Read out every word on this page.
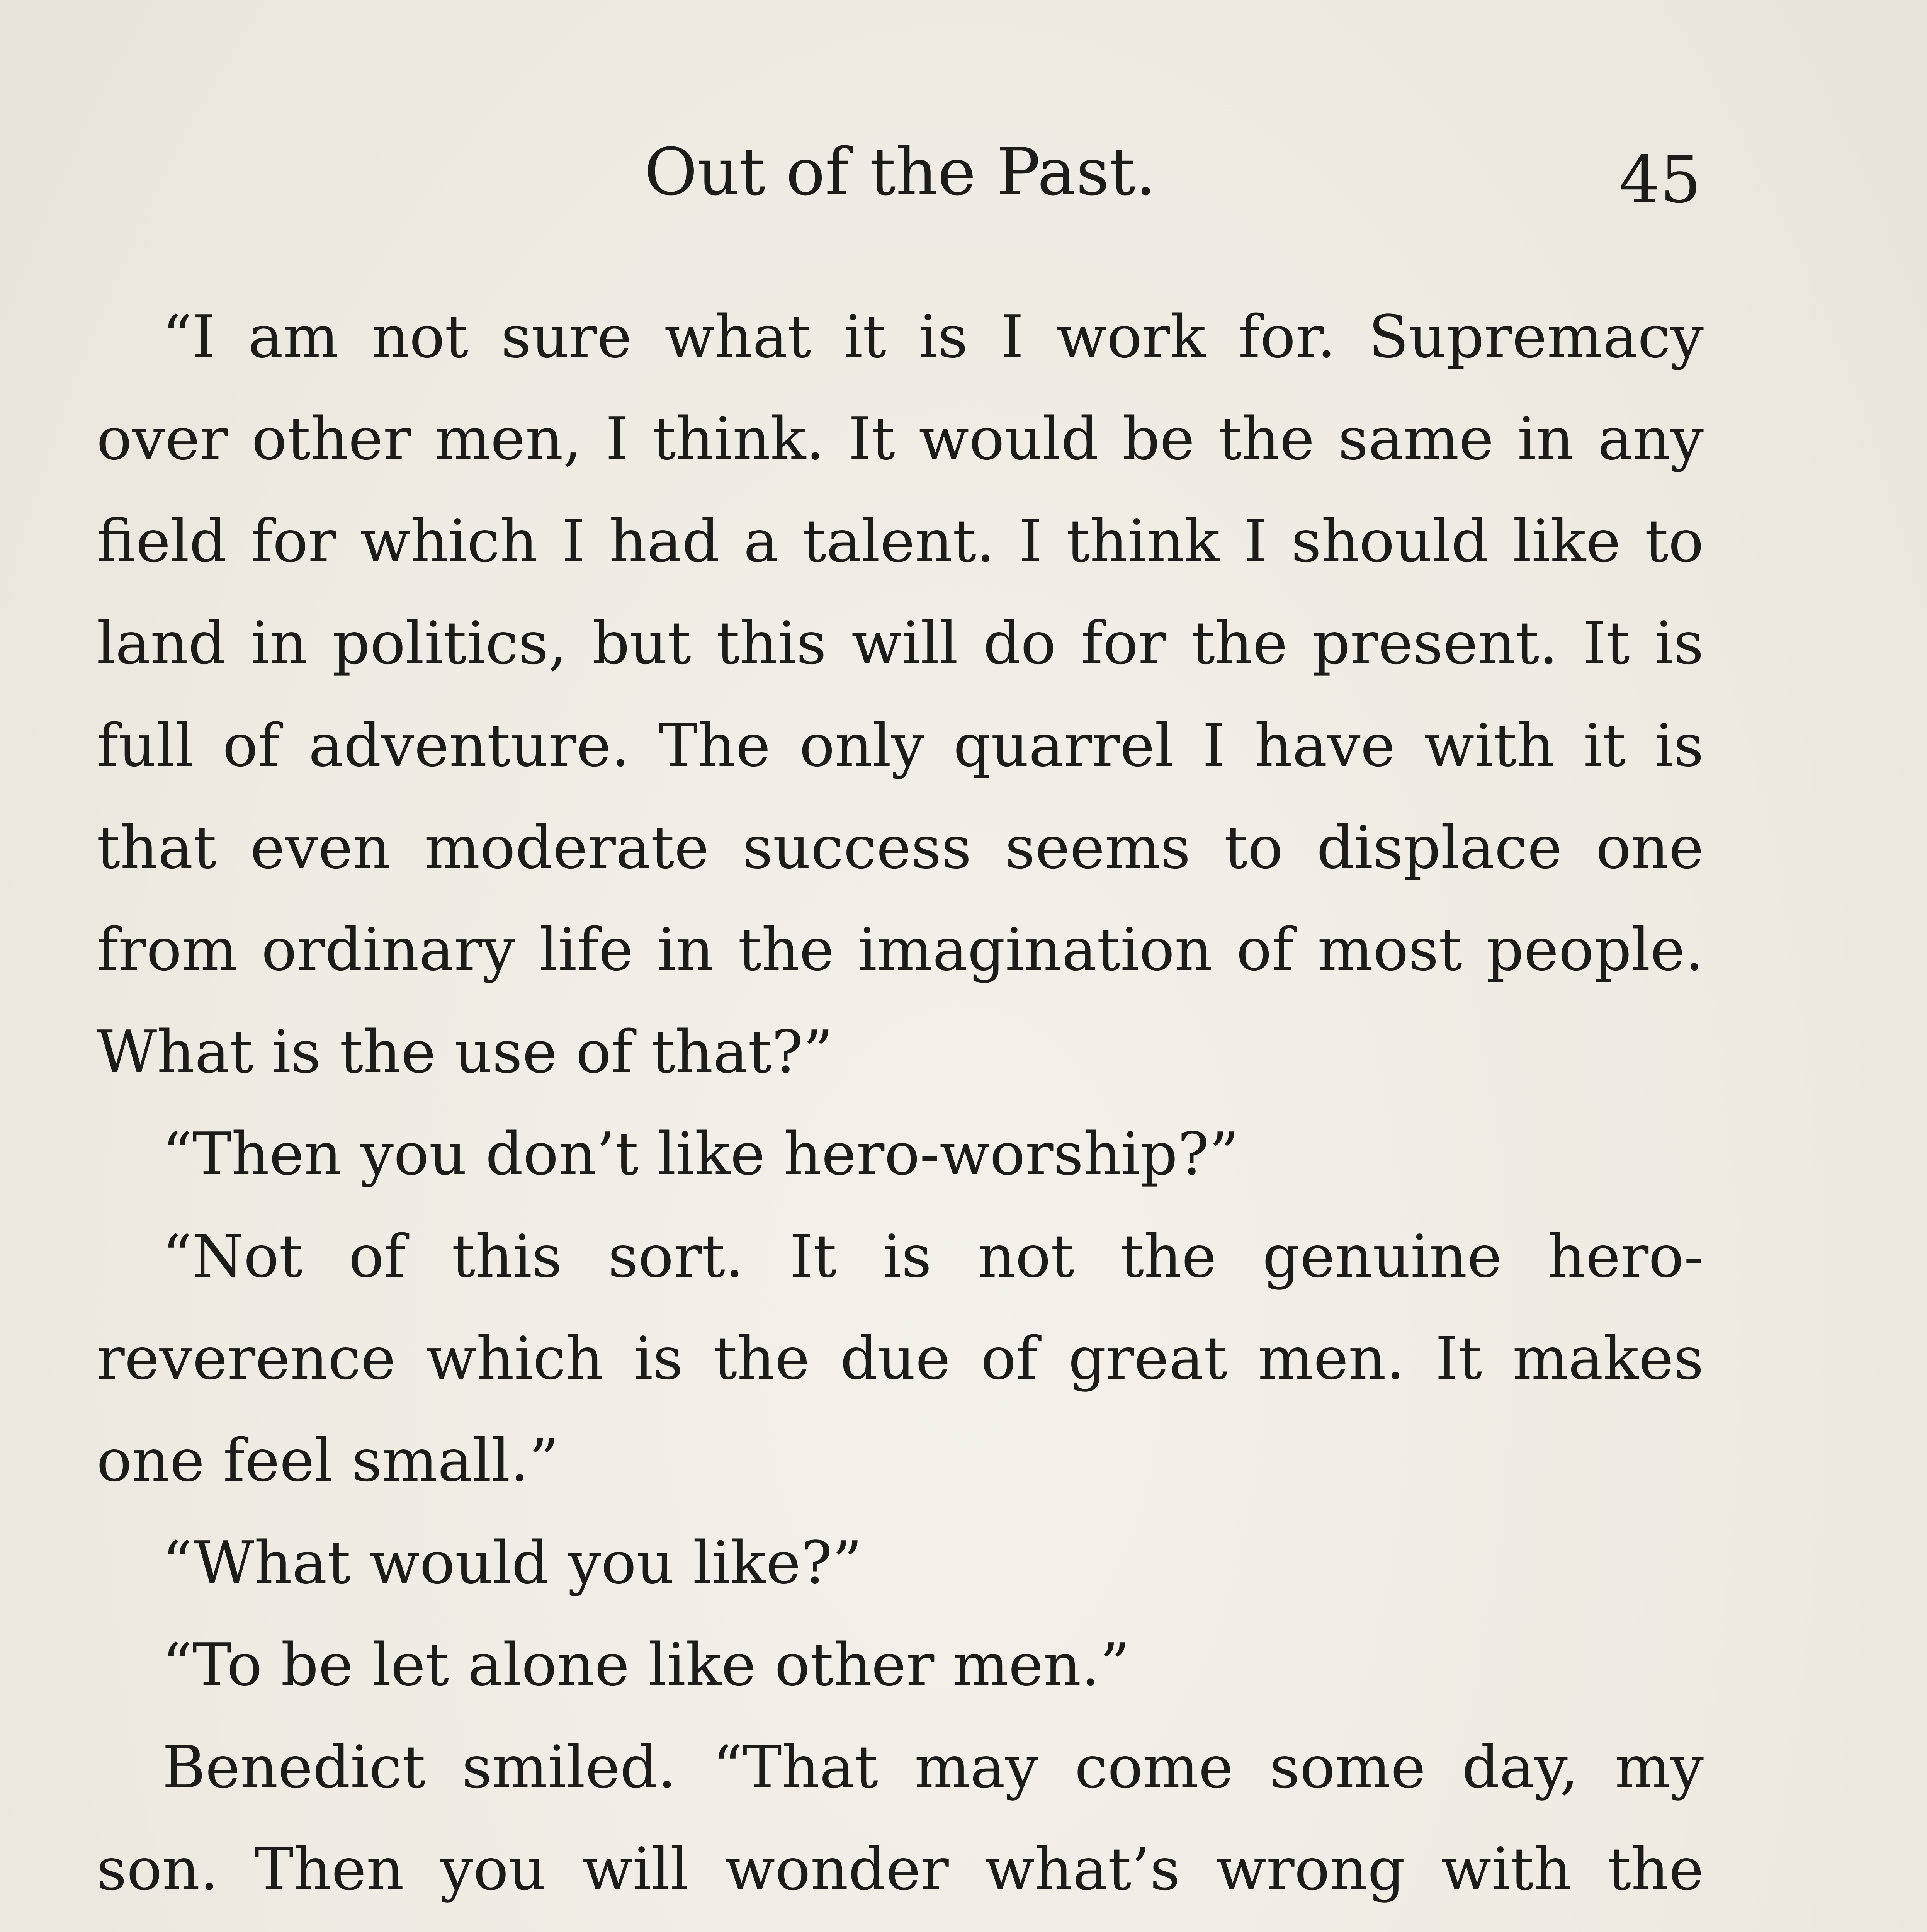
Out of the Past.	45

“I am not sure what it is I work for. Supremacy over other men, I think. It would be the same in any field for which I had a talent. I think I should like to land in politics, but this will do for the present. It is full of adventure. The only quarrel I have with it is that even moderate success seems to displace one from ordinary life in the imagination of most people. What is the use of that?”

“Then you don’t like hero-worship?”

“Not of this sort. It is not the genuine hero-reverence which is the due of great men. It makes one feel small.”

“What would you like?”

“To be let alone like other men.”

Benedict smiled. “That may come some day, my son. Then you will wonder what’s wrong with the
